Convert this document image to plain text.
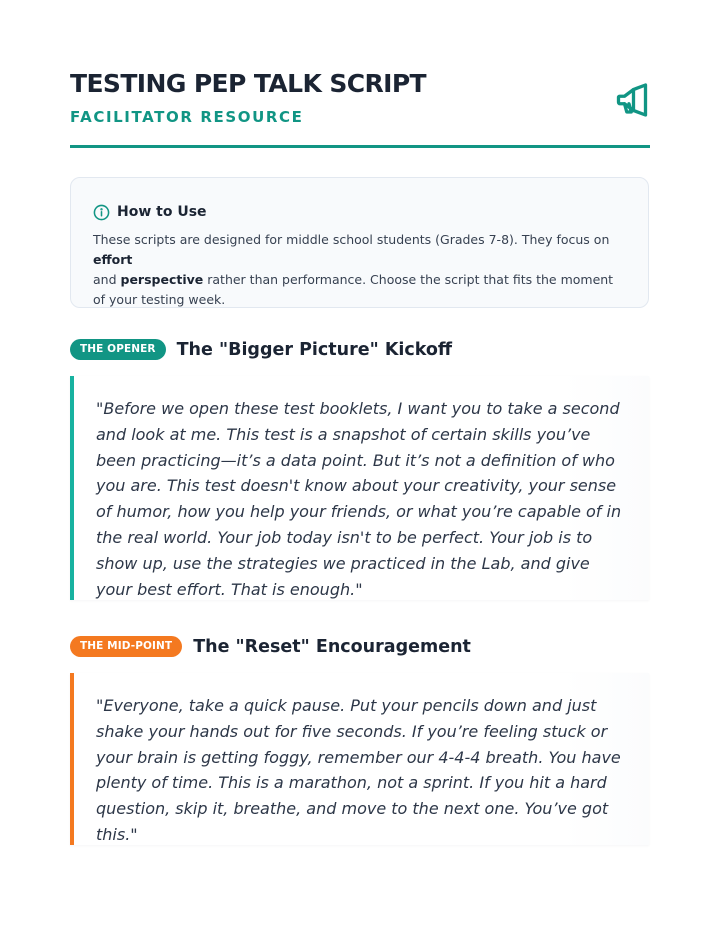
TESTING PEP TALK SCRIPT
FACILITATOR RESOURCE
How to Use
These scripts are designed for middle school students (Grades 7-8). They focus on effort
and perspective rather than performance. Choose the script that fits the moment of your testing week.
THE OPENER	The "Bigger Picture" Kickoff

"Before we open these test booklets, I want you to take a second and look at me. This test is a snapshot of certain skills you’ve been practicing—it’s a data point. But it’s not a definition of who you are. This test doesn't know about your creativity, your sense of humor, how you help your friends, or what you’re capable of in the real world. Your job today isn't to be perfect. Your job is to show up, use the strategies we practiced in the Lab, and give your best effort. That is enough."

THE MID-POINT	The "Reset" Encouragement

"Everyone, take a quick pause. Put your pencils down and just shake your hands out for five seconds. If you’re feeling stuck or your brain is getting foggy, remember our 4-4-4 breath. You have plenty of time. This is a marathon, not a sprint. If you hit a hard question, skip it, breathe, and move to the next one. You’ve got this."
